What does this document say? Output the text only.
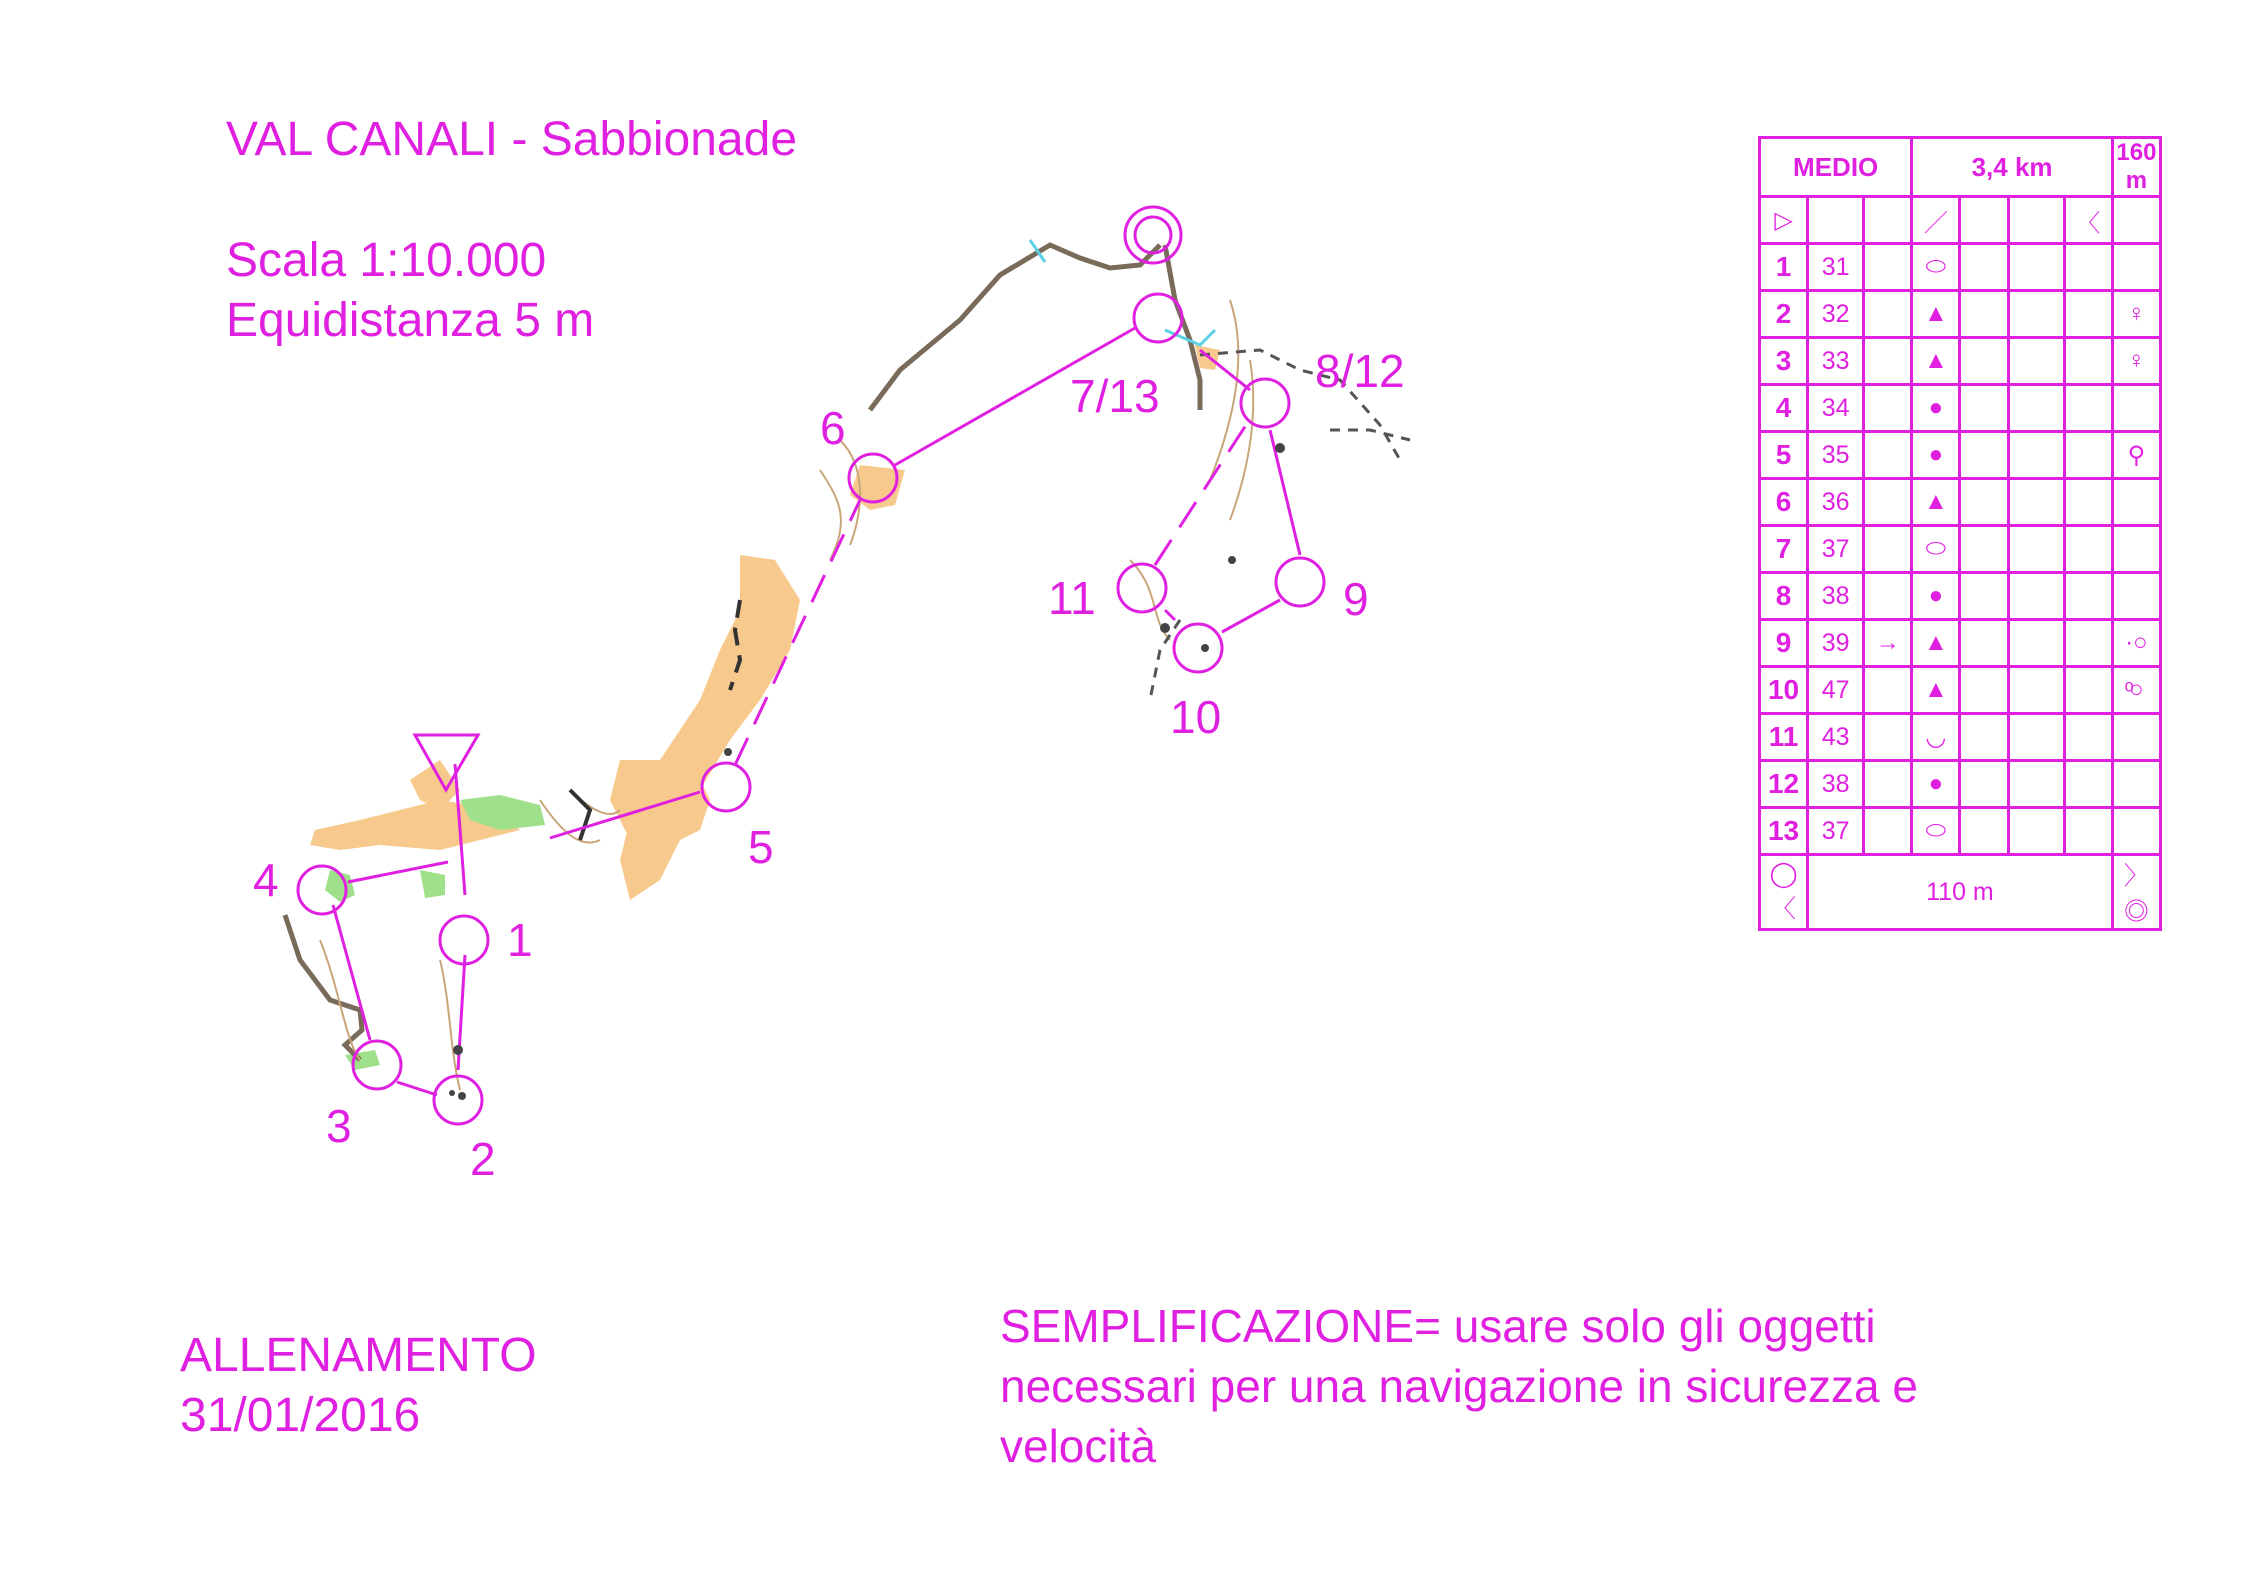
1
2
3
4
5
6
7/13	8/12
9
10
11
VAL CANALI - Sabbionade
Scala 1:10.000
Equidistanza 5 m
ALLENAMENTO
31/01/2016
SEMPLIFICAZIONE= usare solo gli oggetti necessari per una navigazione in sicurezza e velocità
MEDIO			3,4 km				160 m
▷			／			〈	
1	31		⬭				
2	32		▲				♀
3	33		▲				♀
4	34		●				
5	35		●				⚲
6	36		▲				
7	37		⬭				
8	38		●				
9	39	→	▲				·○
10	47		▲				ͦ○
11	43		◡				
12	38		●				
13	37		⬭				
◯〈	110 m						〉◎
